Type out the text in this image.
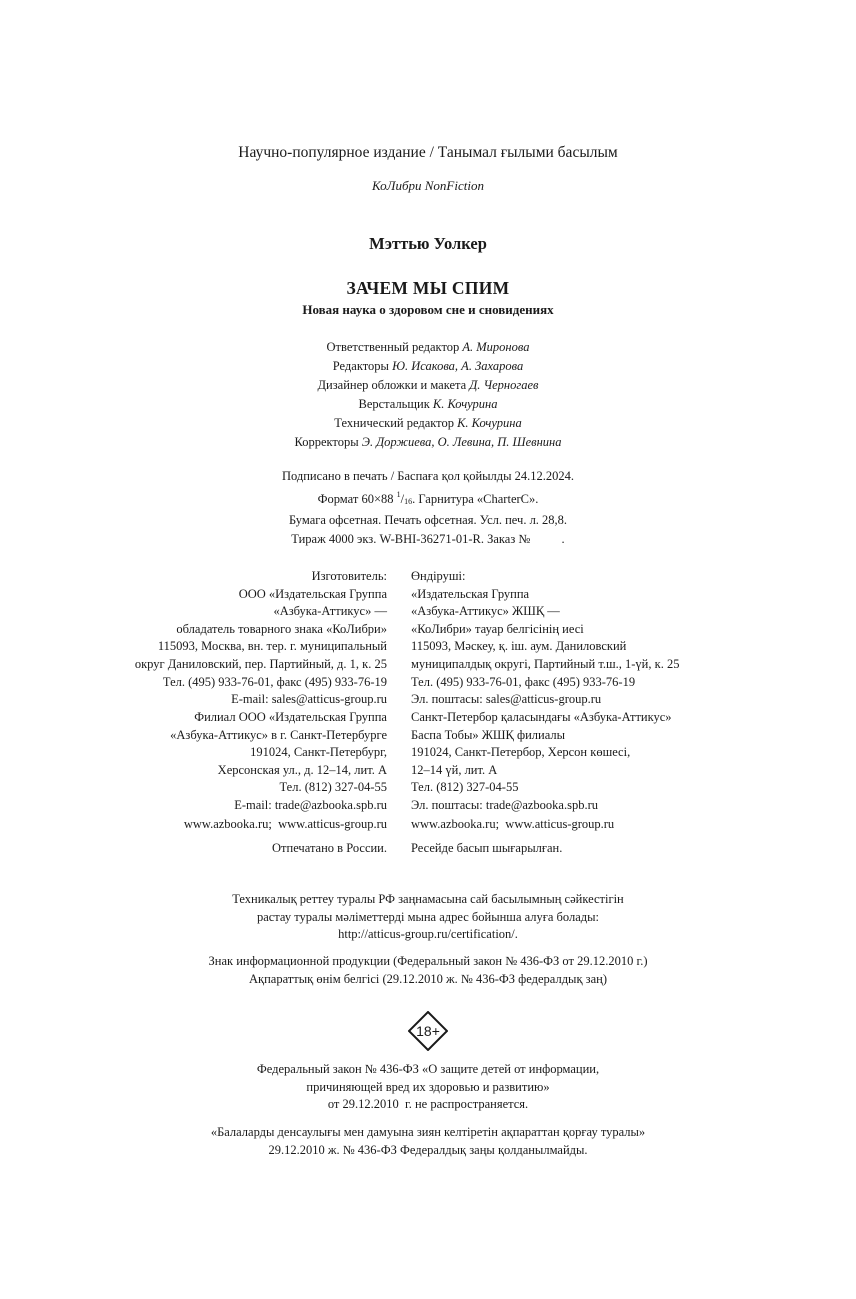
Научно-популярное издание / Танымал ғылыми басылым
КоЛибри NonFiction
Мэттью Уолкер
ЗАЧЕМ МЫ СПИМ
Новая наука о здоровом сне и сновидениях
Ответственный редактор А. Миронова
Редакторы Ю. Исакова, А. Захарова
Дизайнер обложки и макета Д. Черногаев
Верстальщик К. Кочурина
Технический редактор К. Кочурина
Корректоры Э. Доржиева, О. Левина, П. Шевнина
Подписано в печать / Баспаға қол қойылды 24.12.2024.
Формат 60×88 $^1/_{16}$. Гарнитура «CharterC».
Бумага офсетная. Печать офсетная. Усл. печ. л. 28,8.
Тираж 4000 экз. W-BHI-36271-01-R. Заказ №          .
Изготовитель:
ООО «Издательская Группа
«Азбука-Аттикус» —
обладатель товарного знака «КоЛибри»
115093, Москва, вн. тер. г. муниципальный
округ Даниловский, пер. Партийный, д. 1, к. 25
Тел. (495) 933-76-01, факс (495) 933-76-19
E-mail: sales@atticus-group.ru
Өндіруші:
«Издательская Группа
«Азбука-Аттикус» ЖШҚ —
«КоЛибри» тауар белгісінің иесі
115093, Мәскеу, қ. іш. аум. Даниловский
муниципалдық округі, Партийный т.ш., 1-үй, к. 25
Тел. (495) 933-76-01, факс (495) 933-76-19
Эл. поштасы: sales@atticus-group.ru
Филиал ООО «Издательская Группа
«Азбука-Аттикус» в г. Санкт-Петербурге
191024, Санкт-Петербург,
Херсонская ул., д. 12–14, лит. А
Тел. (812) 327-04-55
E-mail: trade@azbooka.spb.ru
Санкт-Петербор қаласындағы «Азбука-Аттикус»
Баспа Тобы» ЖШҚ филиалы
191024, Санкт-Петербор, Херсон көшесі,
12–14 үй, лит. А
Тел. (812) 327-04-55
Эл. поштасы: trade@azbooka.spb.ru
www.azbooka.ru;  www.atticus-group.ru www.azbooka.ru;  www.atticus-group.ru
Отпечатано в России. Ресейде басып шығарылған.
Техникалық реттеу туралы РФ заңнамасына сай басылымның сәйкестігін
растау туралы мәліметтерді мына адрес бойынша алуға болады:
http://atticus-group.ru/certification/.
Знак информационной продукции (Федеральный закон № 436-ФЗ от 29.12.2010 г.)
Ақпараттық өнім белгісі (29.12.2010 ж. № 436-ФЗ федералдық заң)
18+
Федеральный закон № 436-ФЗ «О защите детей от информации,
причиняющей вред их здоровью и развитию»
от 29.12.2010  г. не распространяется.
«Балаларды денсаулығы мен дамуына зиян келтіретін ақпараттан қорғау туралы»
29.12.2010 ж. № 436-ФЗ Федералдық заңы қолданылмайды.
